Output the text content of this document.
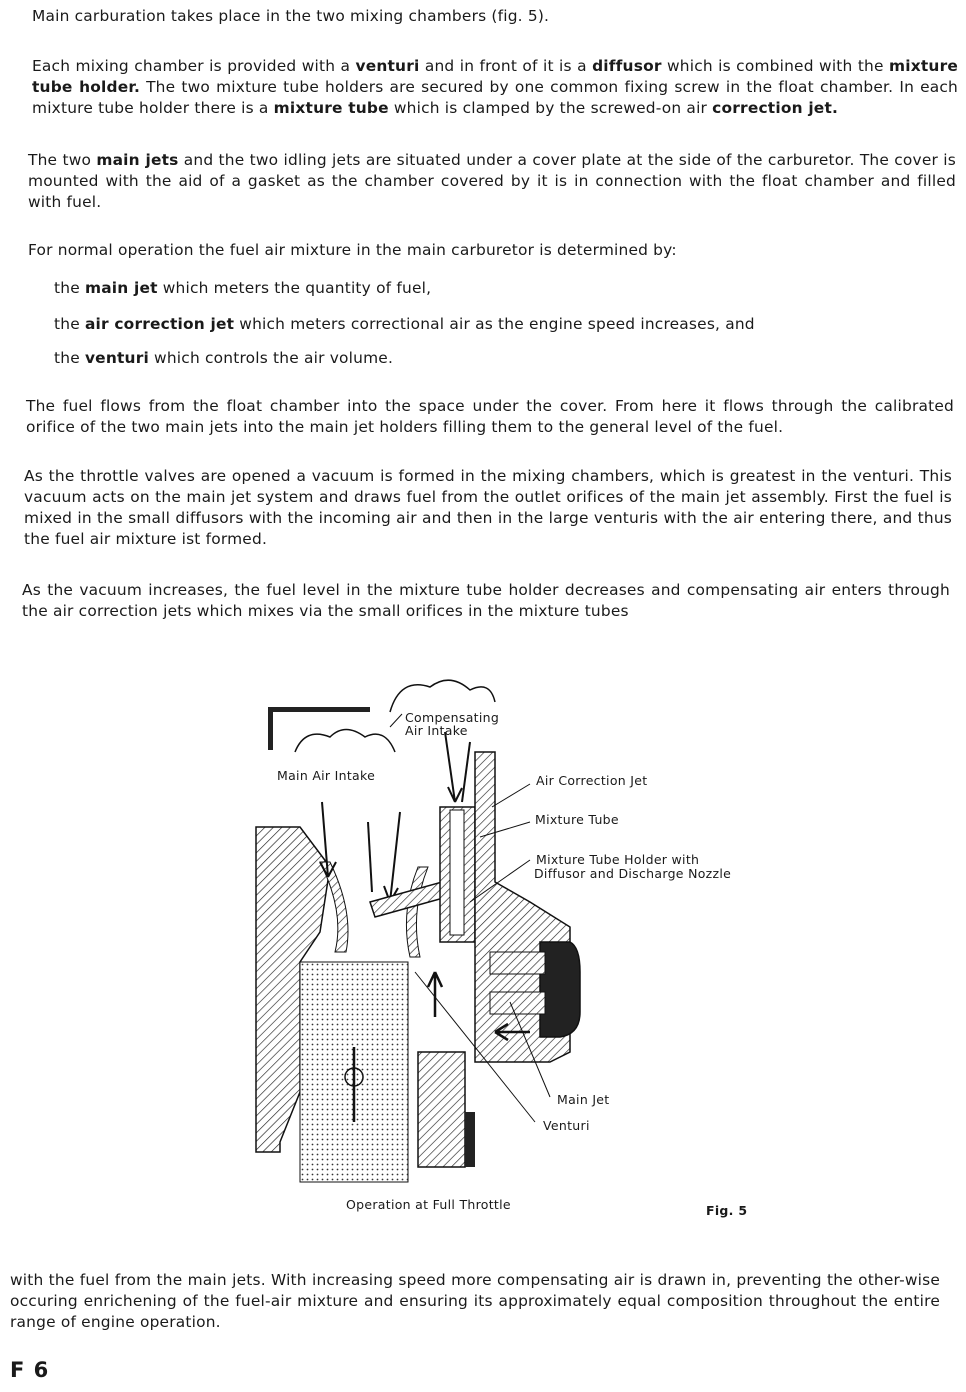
Main carburation takes place in the two mixing chambers (fig. 5).
Each mixing chamber is provided with a venturi and in front of it is a diffusor which is combined with the mixture tube holder. The two mixture tube holders are secured by one common fixing screw in the float chamber. In each mixture tube holder there is a mixture tube which is clamped by the screwed-on air correction jet.
The two main jets and the two idling jets are situated under a cover plate at the side of the carburetor. The cover is mounted with the aid of a gasket as the chamber covered by it is in connection with the float chamber and filled with fuel.
For normal operation the fuel air mixture in the main carburetor is determined by:
the main jet which meters the quantity of fuel,
the air correction jet which meters correctional air as the engine speed increases, and
the venturi which controls the air volume.
The fuel flows from the float chamber into the space under the cover. From here it flows through the calibrated orifice of the two main jets into the main jet holders filling them to the general level of the fuel.
As the throttle valves are opened a vacuum is formed in the mixing chambers, which is greatest in the venturi. This vacuum acts on the main jet system and draws fuel from the outlet orifices of the main jet assembly. First the fuel is mixed in the small diffusors with the incoming air and then in the large venturis with the air entering there, and thus the fuel air mixture ist formed.
As the vacuum increases, the fuel level in the mixture tube holder decreases and compensating air enters through the air correction jets which mixes via the small orifices in the mixture tubes
Compensating
Air Intake
Main Air Intake	Air Correction Jet
Mixture Tube
Mixture Tube Holder with
Diffusor and Discharge Nozzle
Main Jet
Venturi
Operation at Full Throttle	Fig. 5
with the fuel from the main jets. With increasing speed more compensating air is drawn in, preventing the other-wise occuring enrichening of the fuel-air mixture and ensuring its approximately equal composition throughout the entire range of engine operation.
F 6
